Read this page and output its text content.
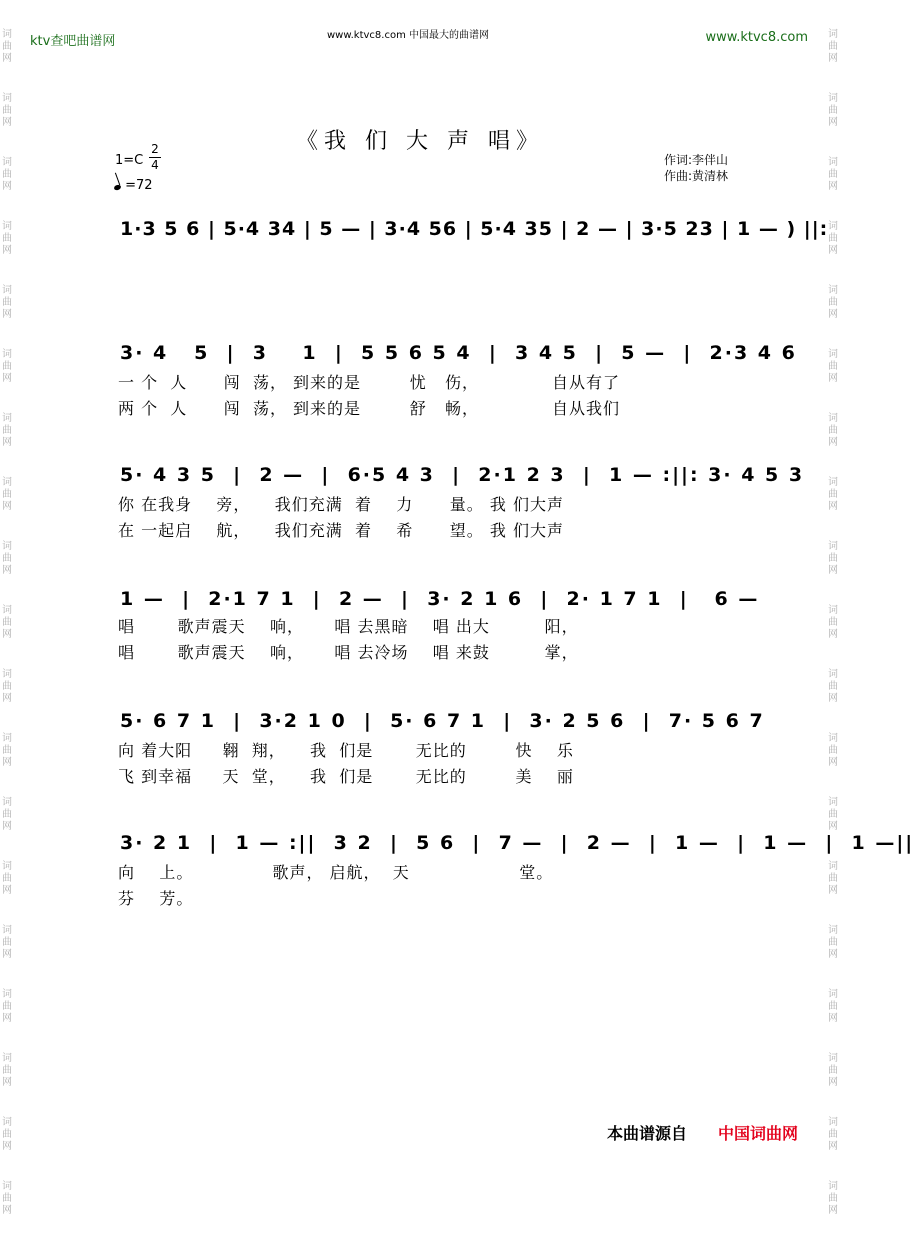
词
曲
网
词
曲
网
词
曲
网
词
曲
网
词
曲
网
词
曲
网
词
曲
网
词
曲
网
词
曲
网
词
曲
网
词
曲
网
词
曲
网
词
曲
网
词
曲
网
词
曲
网
词
曲
网
词
曲
网
词
曲
网
词
曲
网
词
曲
网
词
曲
网
词
曲
网
词
曲
网
词
曲
网
词
曲
网
词
曲
网
词
曲
网
词
曲
网
词
曲
网
词
曲
网
词
曲
网
词
曲
网
词
曲
网
词
曲
网
词
曲
网
词
曲
网
词
曲
网
词
曲
网
ktv查吧曲谱网	www.ktvc8.com 中国最大的曲谱网	www.ktvc8.com
《我 们 大 声 唱》
1=C
2
4
=72
作词:李伴山
作曲:黄清林
1·3 5 6 | 5·4 34 | 5 — | 3·4 56 | 5·4 35 | 2 — | 3·5 23 | 1 — ) ||:
3· 4   5  |  3    1  |  5 5 6 5 4  |  3 4 5  |  5 —  |  2·3 4 6
一 个  人      闯  荡， 到来的是        忧   伤，            自从有了
两 个  人      闯  荡， 到来的是        舒   畅，            自从我们
5· 4 3 5  |  2 —  |  6·5 4 3  |  2·1 2 3  |  1 — :||: 3· 4 5 3
你 在我身    旁，    我们充满  着    力      量。 我 们大声
在 一起启    航，    我们充满  着    希      望。 我 们大声
1 —  |  2·1 7 1  |  2 —  |  3· 2 1 6  |  2· 1 7 1  |   6 —
唱       歌声震天    响，     唱 去黑暗    唱 出大         阳，
唱       歌声震天    响，     唱 去冷场    唱 来鼓         掌，
5· 6 7 1  |  3·2 1 0  |  5· 6 7 1  |  3· 2 5 6  |  7· 5 6 7
向 着大阳     翱  翔，    我  们是       无比的        快    乐
飞 到幸福     天  堂，    我  们是       无比的        美    丽
3· 2 1  |  1 — :||  3 2  |  5 6  |  7 —  |  2 —  |  1 —  |  1 —  |  1 —||
向    上。             歌声， 启航，  天                  堂。
芬    芳。
本曲谱源自 中国词曲网
